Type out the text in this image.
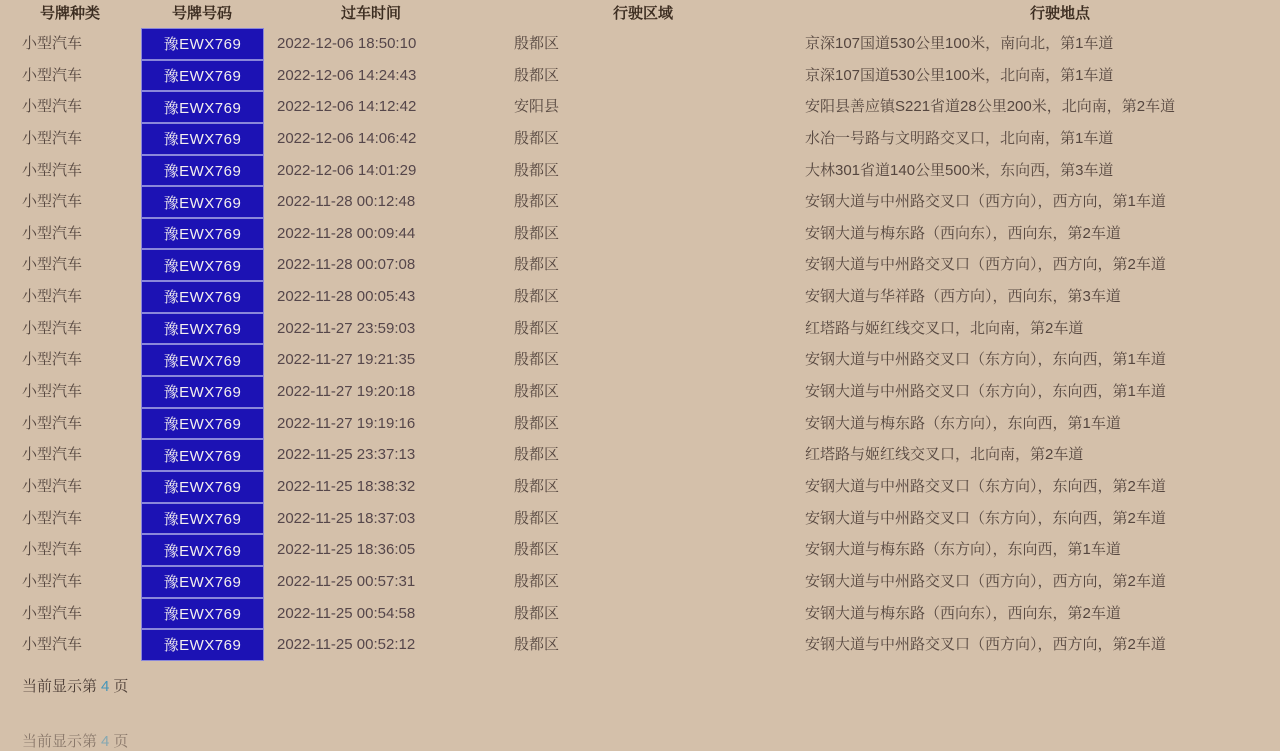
号牌种类	号牌号码	过车时间	行驶区域	行驶地点
小型汽车	豫EWX769	2022-12-06 18:50:10	殷都区	京深107国道530公里100米，南向北，第1车道
小型汽车	豫EWX769	2022-12-06 14:24:43	殷都区	京深107国道530公里100米，北向南，第1车道
小型汽车	豫EWX769	2022-12-06 14:12:42	安阳县	安阳县善应镇S221省道28公里200米，北向南，第2车道
小型汽车	豫EWX769	2022-12-06 14:06:42	殷都区	水冶一号路与文明路交叉口，北向南，第1车道
小型汽车	豫EWX769	2022-12-06 14:01:29	殷都区	大林301省道140公里500米，东向西，第3车道
小型汽车	豫EWX769	2022-11-28 00:12:48	殷都区	安钢大道与中州路交叉口（西方向），西方向，第1车道
小型汽车	豫EWX769	2022-11-28 00:09:44	殷都区	安钢大道与梅东路（西向东），西向东，第2车道
小型汽车	豫EWX769	2022-11-28 00:07:08	殷都区	安钢大道与中州路交叉口（西方向），西方向，第2车道
小型汽车	豫EWX769	2022-11-28 00:05:43	殷都区	安钢大道与华祥路（西方向），西向东，第3车道
小型汽车	豫EWX769	2022-11-27 23:59:03	殷都区	红塔路与姬红线交叉口，北向南，第2车道
小型汽车	豫EWX769	2022-11-27 19:21:35	殷都区	安钢大道与中州路交叉口（东方向），东向西，第1车道
小型汽车	豫EWX769	2022-11-27 19:20:18	殷都区	安钢大道与中州路交叉口（东方向），东向西，第1车道
小型汽车	豫EWX769	2022-11-27 19:19:16	殷都区	安钢大道与梅东路（东方向），东向西，第1车道
小型汽车	豫EWX769	2022-11-25 23:37:13	殷都区	红塔路与姬红线交叉口，北向南，第2车道
小型汽车	豫EWX769	2022-11-25 18:38:32	殷都区	安钢大道与中州路交叉口（东方向），东向西，第2车道
小型汽车	豫EWX769	2022-11-25 18:37:03	殷都区	安钢大道与中州路交叉口（东方向），东向西，第2车道
小型汽车	豫EWX769	2022-11-25 18:36:05	殷都区	安钢大道与梅东路（东方向），东向西，第1车道
小型汽车	豫EWX769	2022-11-25 00:57:31	殷都区	安钢大道与中州路交叉口（西方向），西方向，第2车道
小型汽车	豫EWX769	2022-11-25 00:54:58	殷都区	安钢大道与梅东路（西向东），西向东，第2车道
小型汽车	豫EWX769	2022-11-25 00:52:12	殷都区	安钢大道与中州路交叉口（西方向），西方向，第2车道
当前显示第 4 页
当前显示第 4 页
